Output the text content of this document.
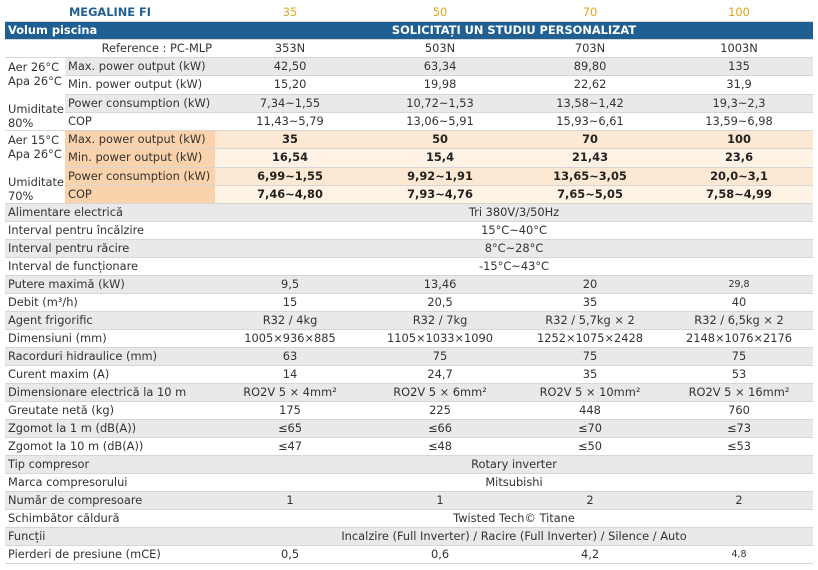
MEGALINE FI		35	50	70	100
Volum piscina		SOLICITAȚI UN STUDIU PERSONALIZAT			
Reference : PC-MLP		353N	503N	703N	1003N

Aer 26°C
Apa 26°C

Umiditate
80%	Max. power output (kW)	42,50	63,34	89,80	135
	Min. power output (kW)	15,20	19,98	22,62	31,9
	Power consumption (kW)	7,34~1,55	10,72~1,53	13,58~1,42	19,3~2,3
	COP	11,43~5,79	13,06~5,91	15,93~6,61	13,59~6,98

Aer 15°C
Apa 26°C

Umiditate
70%	Max. power output (kW)	35	50	70	100
	Min. power output (kW)	16,54	15,4	21,43	23,6
	Power consumption (kW)	6,99~1,55	9,92~1,91	13,65~3,05	20,0~3,1
	COP	7,46~4,80	7,93~4,76	7,65~5,05	7,58~4,99
Alimentare electrică		Tri 380V/3/50Hz			
Interval pentru încălzire		15°C~40°C			
Interval pentru răcire		8°C~28°C			
Interval de funcționare		-15°C~43°C			
Putere maximă (kW)		9,5	13,46	20	29,8
Debit (m³/h)		15	20,5	35	40
Agent frigorific		R32 / 4kg	R32 / 7kg	R32 / 5,7kg × 2	R32 / 6,5kg × 2
Dimensiuni (mm)		1005×936×885	1105×1033×1090	1252×1075×2428	2148×1076×2176
Racorduri hidraulice (mm)		63	75	75	75
Curent maxim (A)		14	24,7	35	53
Dimensionare electrică la 10 m		RO2V 5 × 4mm²	RO2V 5 × 6mm²	RO2V 5 × 10mm²	RO2V 5 × 16mm²
Greutate netă (kg)		175	225	448	760
Zgomot la 1 m (dB(A))		≤65	≤66	≤70	≤73
Zgomot la 10 m (dB(A))		≤47	≤48	≤50	≤53
Tip compresor		Rotary inverter			
Marca compresorului		Mitsubishi			
Număr de compresoare		1	1	2	2
Schimbător căldură		Twisted Tech© Titane			
Funcții		Incalzire (Full Inverter) / Racire (Full Inverter) / Silence / Auto			
Pierderi de presiune (mCE)		0,5	0,6	4,2	4,8
